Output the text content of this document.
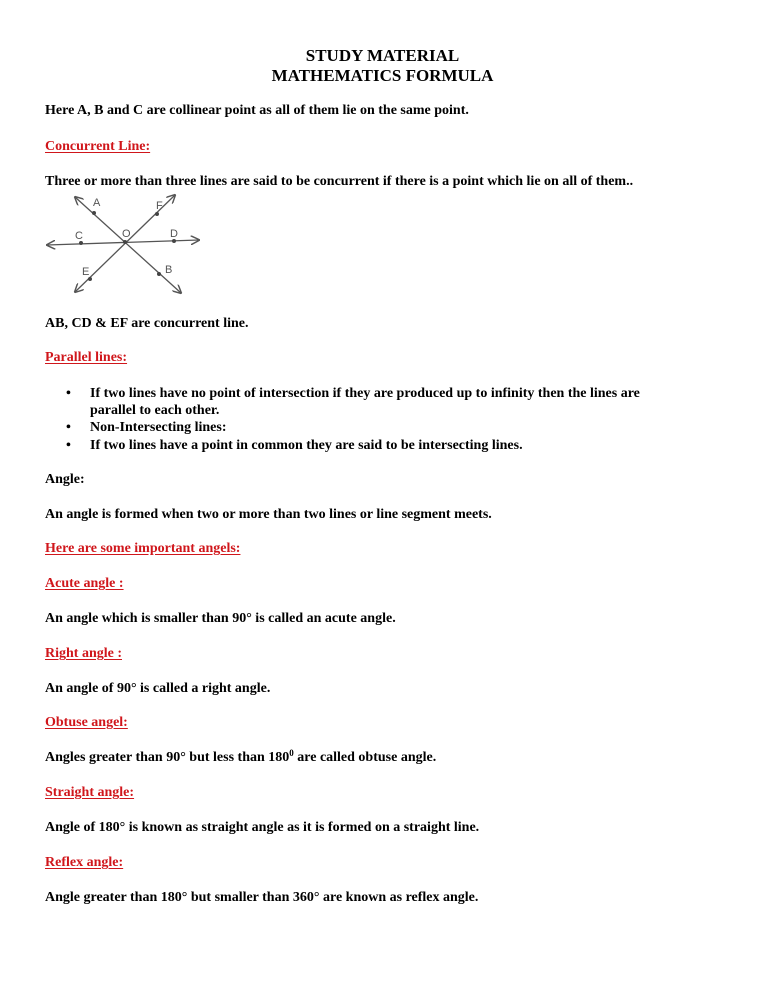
STUDY MATERIAL

MATHEMATICS FORMULA

Here A, B and C are collinear point as all of them lie on the same point.

Concurrent Line:

Three or more than three lines are said to be concurrent if there is a point which lie on all of them..

A	F
C	O	D
E	B

AB, CD & EF are concurrent line.

Parallel lines:

• If two lines have no point of intersection if they are produced up to infinity then the lines are
parallel to each other.
• Non-Intersecting lines:
• If two lines have a point in common they are said to be intersecting lines.

Angle:

An angle is formed when two or more than two lines or line segment meets.

Here are some important angels:

Acute angle :

An angle which is smaller than 90° is called an acute angle.

Right angle :

An angle of 90° is called a right angle.

Obtuse angel:

Angles greater than 90° but less than $180^0$ are called obtuse angle.

Straight angle:

Angle of 180° is known as straight angle as it is formed on a straight line.

Reflex angle:

Angle greater than 180° but smaller than 360° are known as reflex angle.
